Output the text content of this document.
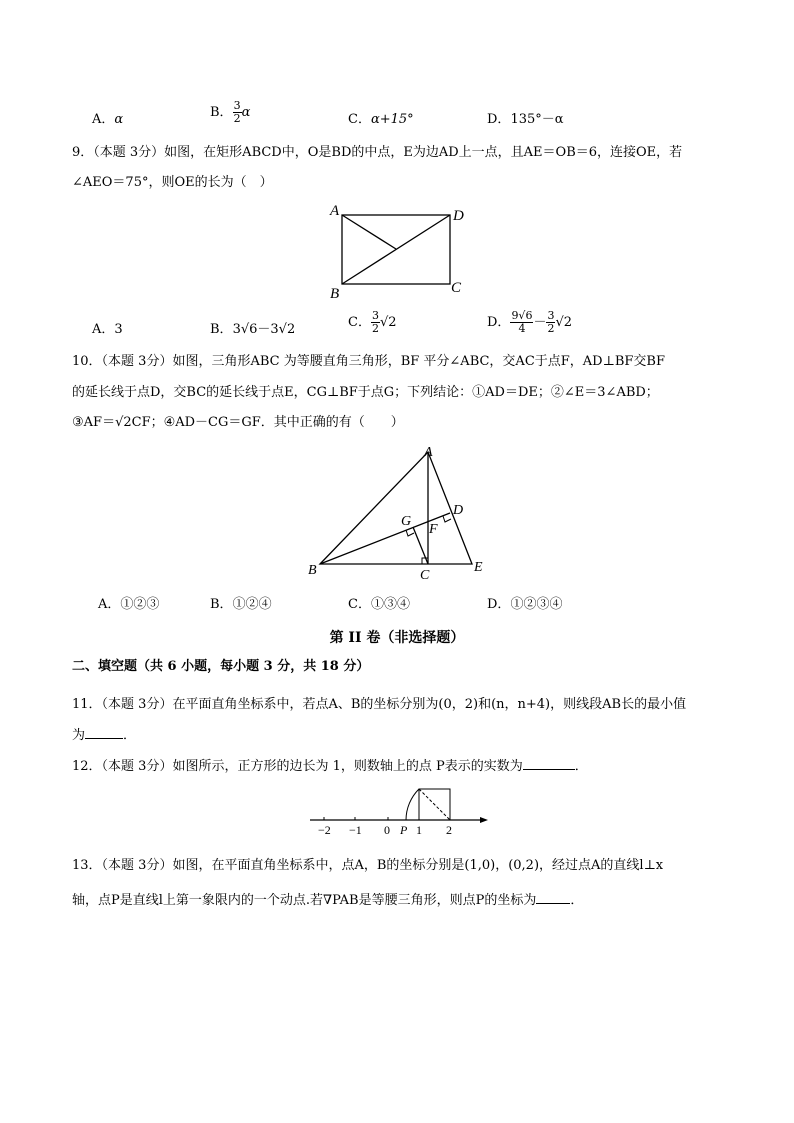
A．α	B． $\frac{3}{2}$ α	C．α+15°	D．135°－α
9．（本题 3分）如图，在矩形ABCD中，O是BD的中点，E为边AD上一点，且AE＝OB＝6，连接OE，若
∠AEO＝75°，则OE的长为（　）
A
B	C
D
A．3	B．3√6－3√2	C． $\frac{3}{2} √2$	D． $\frac{9√6}{4} - \frac{3}{2} √2$
10．（本题 3分）如图，三角形ABC 为等腰直角三角形，BF 平分∠ABC，交AC于点F，AD⊥BF交BF
的延长线于点D，交BC的延长线于点E，CG⊥BF于点G；下列结论：①AD＝DE；②∠E＝3∠ABD；
③AF＝√2CF；④AD－CG＝GF．其中正确的有（　　）
A
B	C
D
E
F
G
A．①②③	B．①②④	C．①③④	D．①②③④
第 II 卷（非选择题）
二、填空题（共 6 小题，每小题 3 分，共 18 分）
11．（本题 3分）在平面直角坐标系中，若点A、B的坐标分别为(0，2)和(n，n+4)，则线段AB长的最小值
为	．
12．（本题 3分）如图所示，正方形的边长为 1，则数轴上的点 P表示的实数为	．
−2 −1 0 P 1 2
13．（本题 3分）如图，在平面直角坐标系中，点A，B的坐标分别是(1,0)，(0,2)，经过点A的直线l⊥x
轴，点P是直线l上第一象限内的一个动点.若∇PAB是等腰三角形，则点P的坐标为	．
